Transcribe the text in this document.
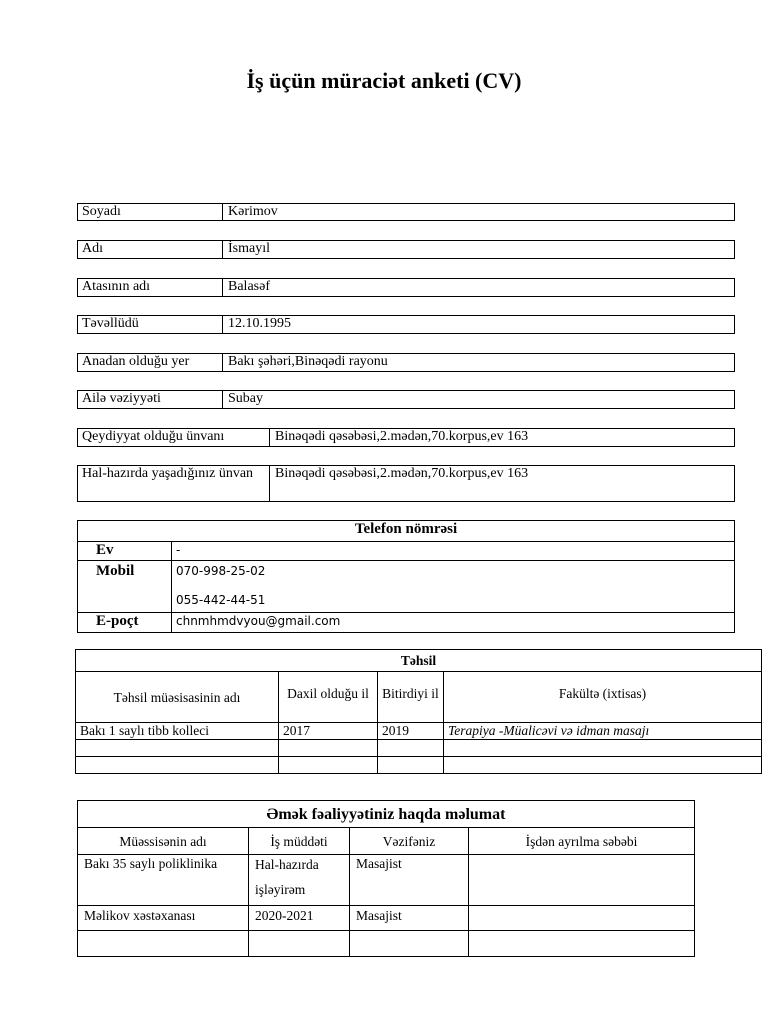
İş üçün müraciət anketi (CV)
Soyadı	Kərimov
Adı	İsmayıl
Atasının adı	Balasəf
Təvəllüdü	12.10.1995
Anadan olduğu yer	Bakı şəhəri,Binəqədi rayonu
Ailə vəziyyəti	Subay
Qeydiyyat olduğu ünvanı	Binəqədi qəsəbəsi,2.mədən,70.korpus,ev 163
Hal-hazırda yaşadığınız ünvan	Binəqədi qəsəbəsi,2.mədən,70.korpus,ev 163
Telefon nömrəsi	
Ev	-
Mobil	070-998-25-02
055-442-44-51

E-poçt	chnmhmdvyou@gmail.com
Təhsil			
Təhsil müəsisasinin adı	Daxil olduğu il	Bitirdiyi il	Fakültə (ixtisas)
Bakı 1 saylı tibb kolleci	2017	2019	Terapiya -Müalicəvi və idman masajı

Əmək fəaliyyətiniz haqda məlumat			
Müəssisənin adı	İş müddəti	Vəzifəniz	İşdən ayrılma səbəbi
Bakı 35 saylı poliklinika	Hal-hazırda işləyirəm	Masajist	
Məlikov xəstəxanası	2020-2021	Masajist	
